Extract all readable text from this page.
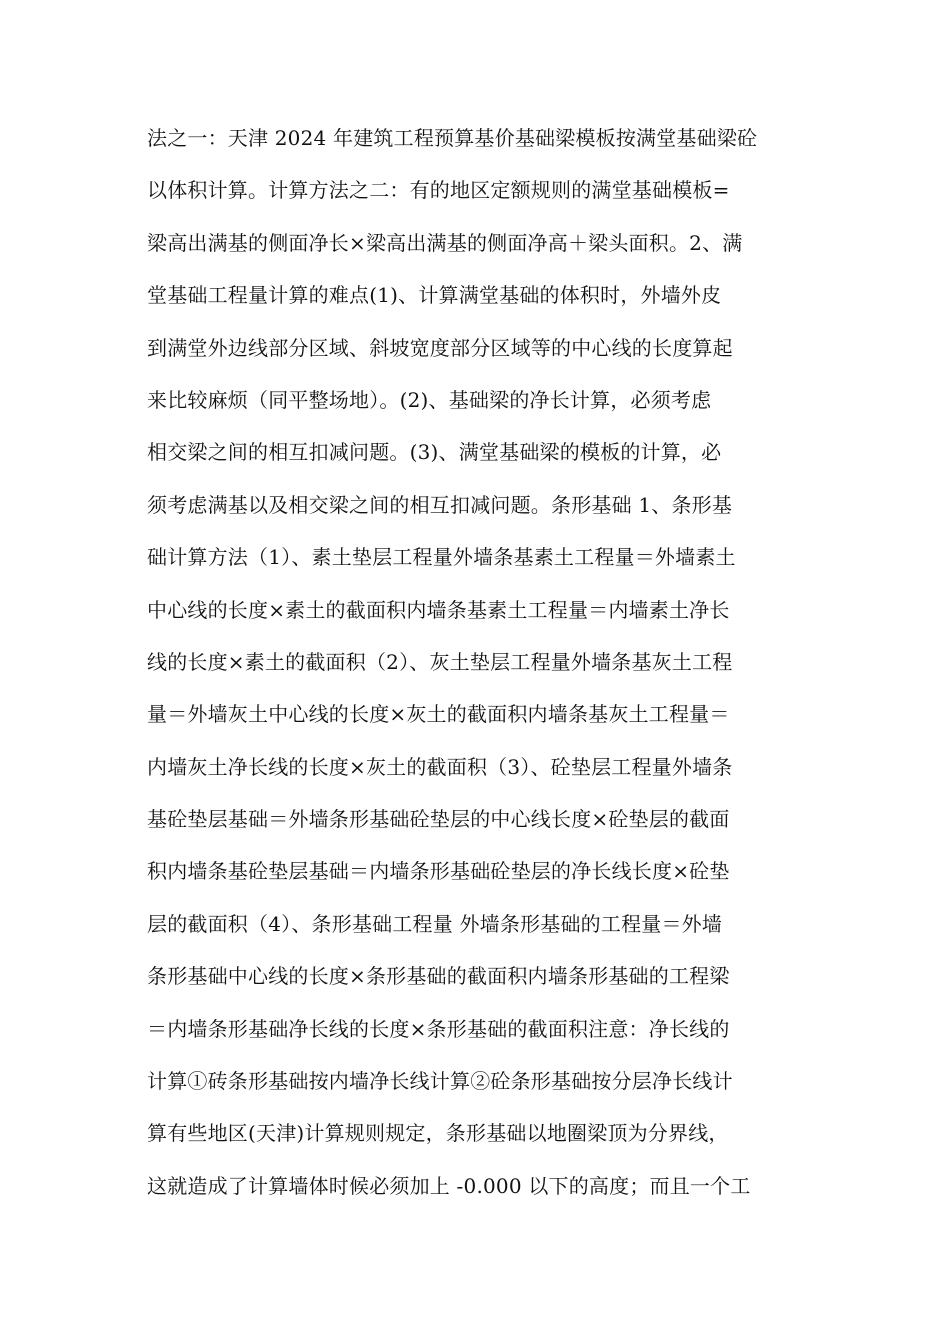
法之一：天津 2024 年建筑工程预算基价基础梁模板按满堂基础梁砼
以体积计算。计算方法之二：有的地区定额规则的满堂基础模板=
梁高出满基的侧面净长×梁高出满基的侧面净高＋梁头面积。2、满
堂基础工程量计算的难点(1)、计算满堂基础的体积时，外墙外皮
到满堂外边线部分区域、斜坡宽度部分区域等的中心线的长度算起
来比较麻烦（同平整场地）。(2)、基础梁的净长计算，必须考虑
相交梁之间的相互扣减问题。(3)、满堂基础梁的模板的计算，必
须考虑满基以及相交梁之间的相互扣减问题。条形基础 1、条形基
础计算方法（1）、素土垫层工程量外墙条基素土工程量＝外墙素土
中心线的长度×素土的截面积内墙条基素土工程量＝内墙素土净长
线的长度×素土的截面积（2）、灰土垫层工程量外墙条基灰土工程
量＝外墙灰土中心线的长度×灰土的截面积内墙条基灰土工程量＝
内墙灰土净长线的长度×灰土的截面积（3）、砼垫层工程量外墙条
基砼垫层基础＝外墙条形基础砼垫层的中心线长度×砼垫层的截面
积内墙条基砼垫层基础＝内墙条形基础砼垫层的净长线长度×砼垫
层的截面积（4）、条形基础工程量 外墙条形基础的工程量＝外墙
条形基础中心线的长度×条形基础的截面积内墙条形基础的工程梁
＝内墙条形基础净长线的长度×条形基础的截面积注意：净长线的
计算①砖条形基础按内墙净长线计算②砼条形基础按分层净长线计
算有些地区(天津)计算规则规定，条形基础以地圈梁顶为分界线，
这就造成了计算墙体时候必须加上 -0.000 以下的高度；而且一个工
